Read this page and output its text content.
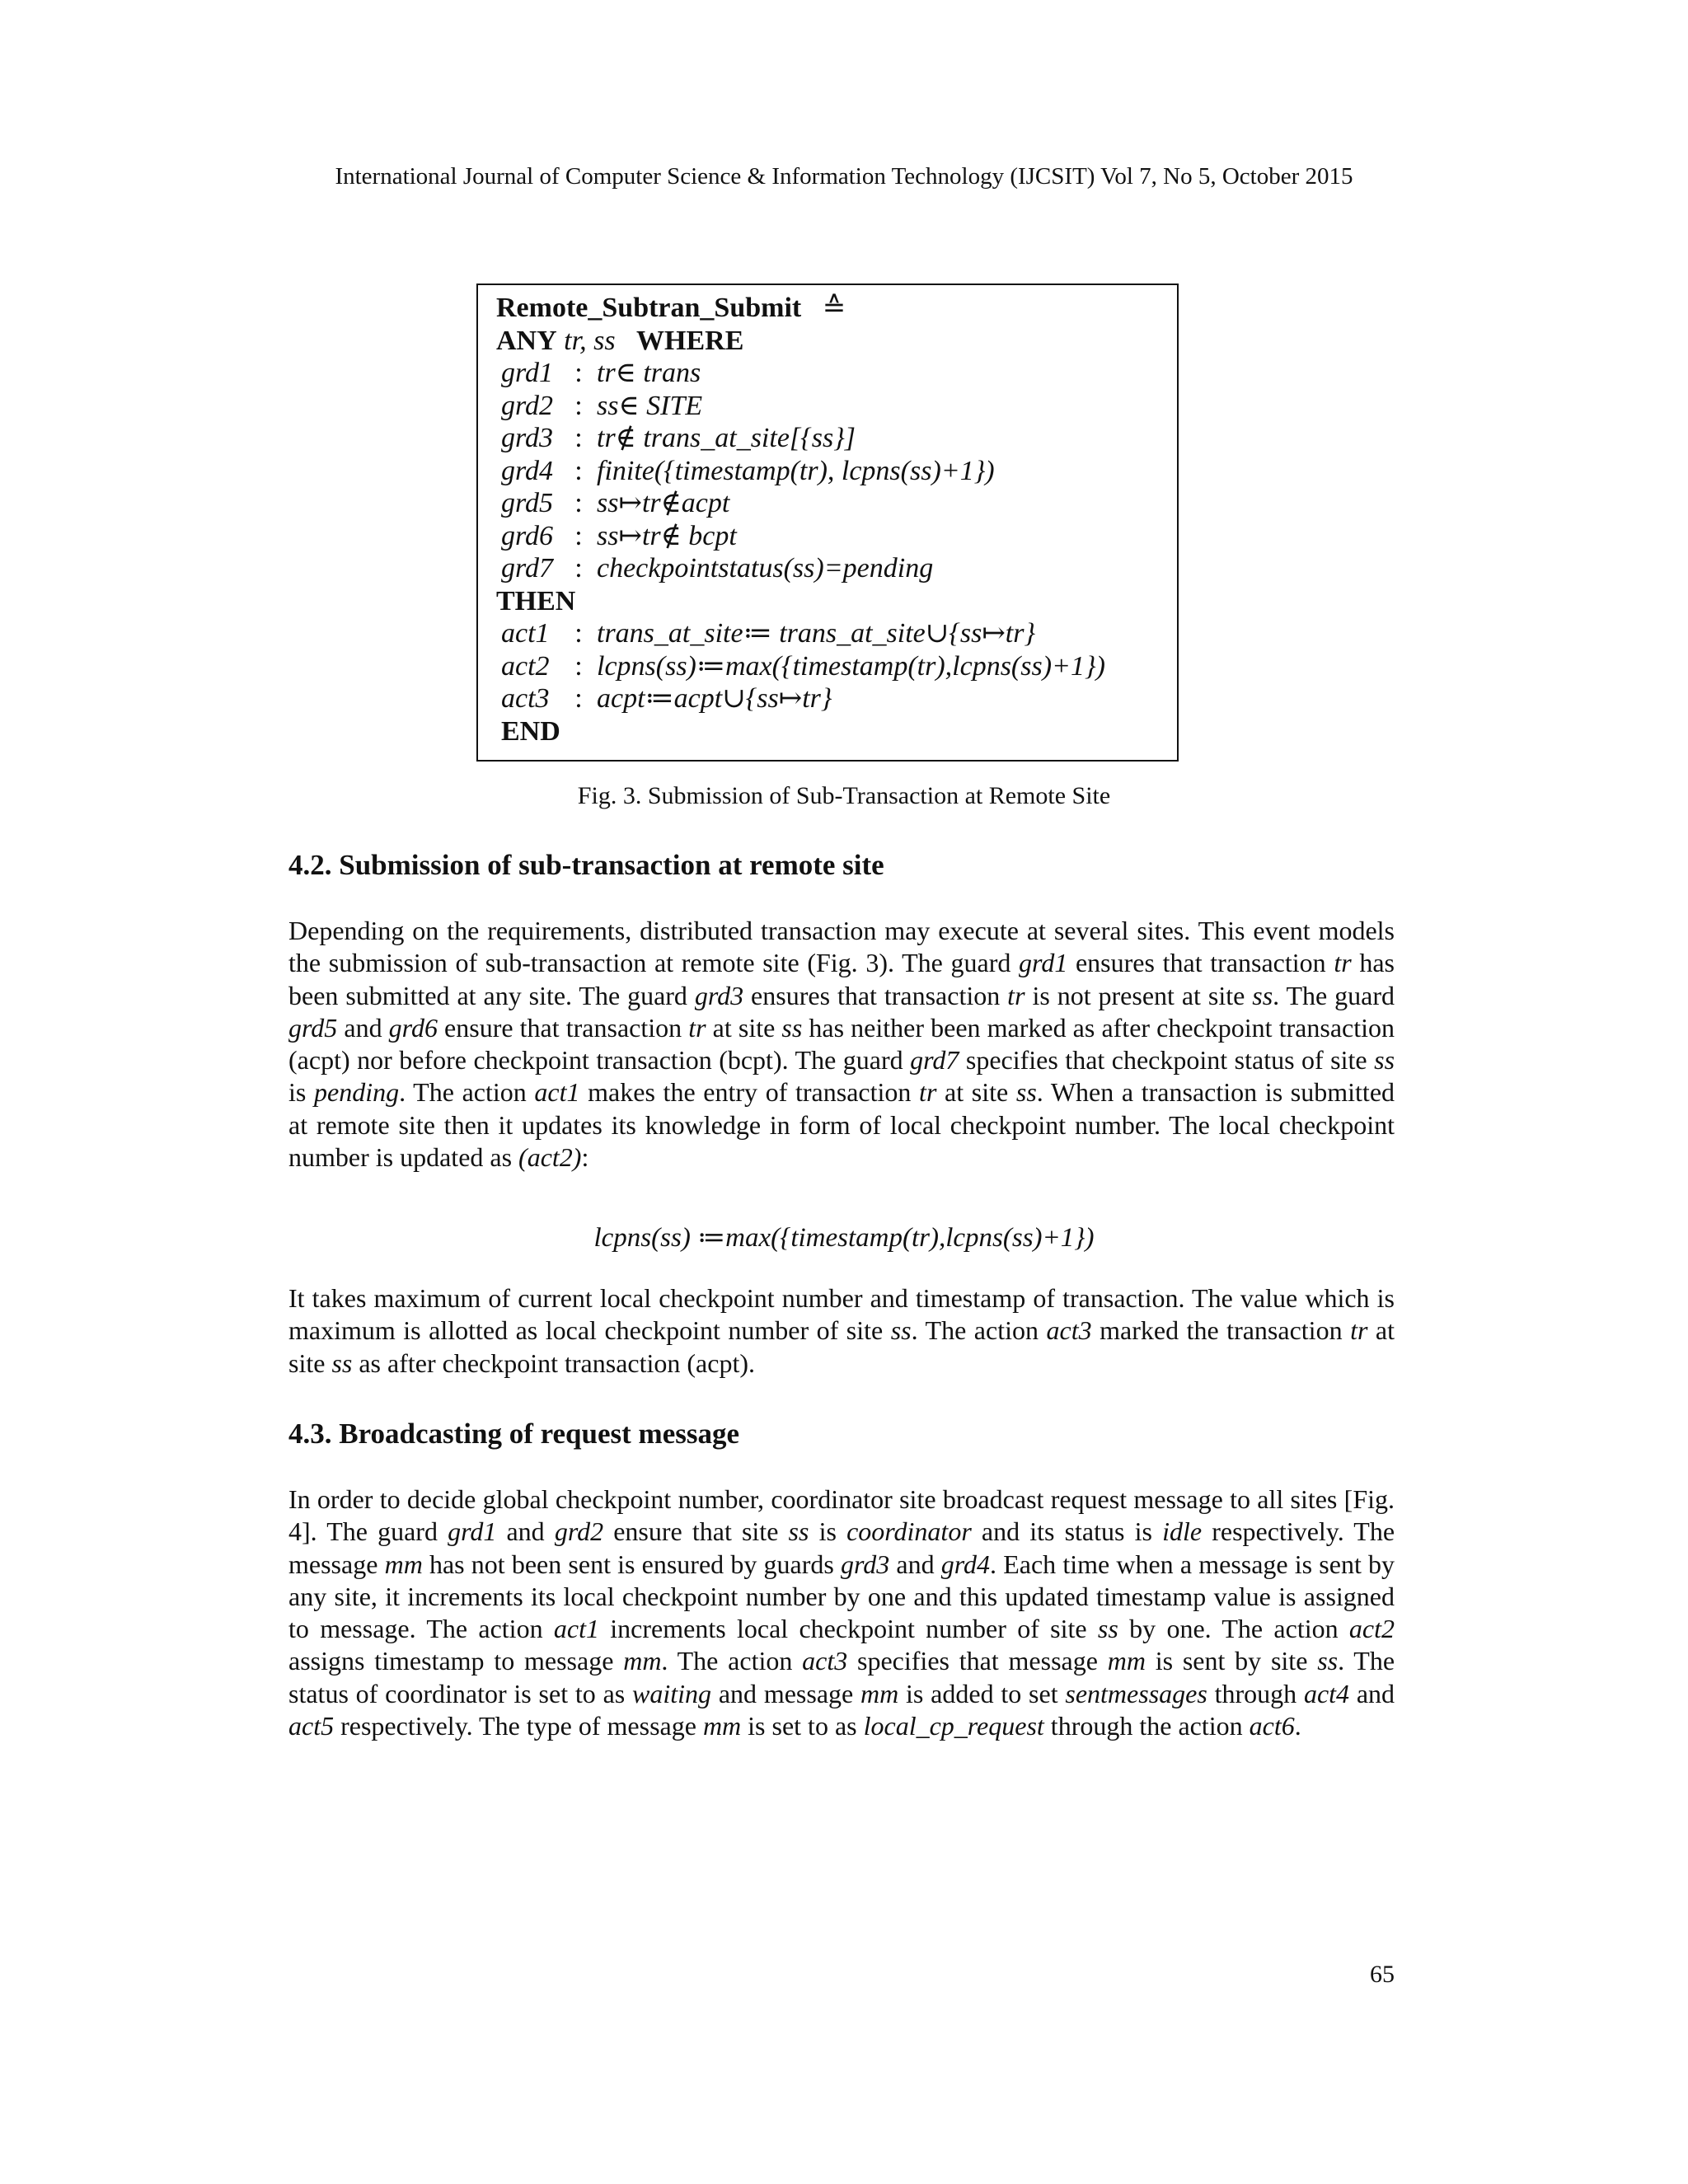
International Journal of Computer Science & Information Technology (IJCSIT) Vol 7, No 5, October 2015
Remote_Subtran_Submit ≙
ANY tr, ss WHERE
grd1 : tr∈ trans
grd2 : ss∈ SITE
grd3 : tr∉ trans_at_site[{ss}]
grd4 : finite({timestamp(tr), lcpns(ss)+1})
grd5 : ss↦tr∉acpt
grd6 : ss↦tr∉ bcpt
grd7 : checkpointstatus(ss)=pending
THEN
act1 : trans_at_site≔ trans_at_site∪{ss↦tr}
act2 : lcpns(ss)≔max({timestamp(tr),lcpns(ss)+1})
act3 : acpt≔acpt∪{ss↦tr}
END
Fig. 3. Submission of Sub-Transaction at Remote Site
4.2. Submission of sub-transaction at remote site
Depending on the requirements, distributed transaction may execute at several sites. This event models the submission of sub-transaction at remote site (Fig. 3). The guard grd1 ensures that transaction tr has been submitted at any site. The guard grd3 ensures that transaction tr is not present at site ss. The guard grd5 and grd6 ensure that transaction tr at site ss has neither been marked as after checkpoint transaction (acpt) nor before checkpoint transaction (bcpt). The guard grd7 specifies that checkpoint status of site ss is pending. The action act1 makes the entry of transaction tr at site ss. When a transaction is submitted at remote site then it updates its knowledge in form of local checkpoint number. The local checkpoint number is updated as (act2):
lcpns(ss) ≔max({timestamp(tr),lcpns(ss)+1})
It takes maximum of current local checkpoint number and timestamp of transaction. The value which is maximum is allotted as local checkpoint number of site ss. The action act3 marked the transaction tr at site ss as after checkpoint transaction (acpt).
4.3. Broadcasting of request message
In order to decide global checkpoint number, coordinator site broadcast request message to all sites [Fig. 4]. The guard grd1 and grd2 ensure that site ss is coordinator and its status is idle respectively. The message mm has not been sent is ensured by guards grd3 and grd4. Each time when a message is sent by any site, it increments its local checkpoint number by one and this updated timestamp value is assigned to message. The action act1 increments local checkpoint number of site ss by one. The action act2 assigns timestamp to message mm. The action act3 specifies that message mm is sent by site ss. The status of coordinator is set to as waiting and message mm is added to set sentmessages through act4 and act5 respectively. The type of message mm is set to as local_cp_request through the action act6.
65
